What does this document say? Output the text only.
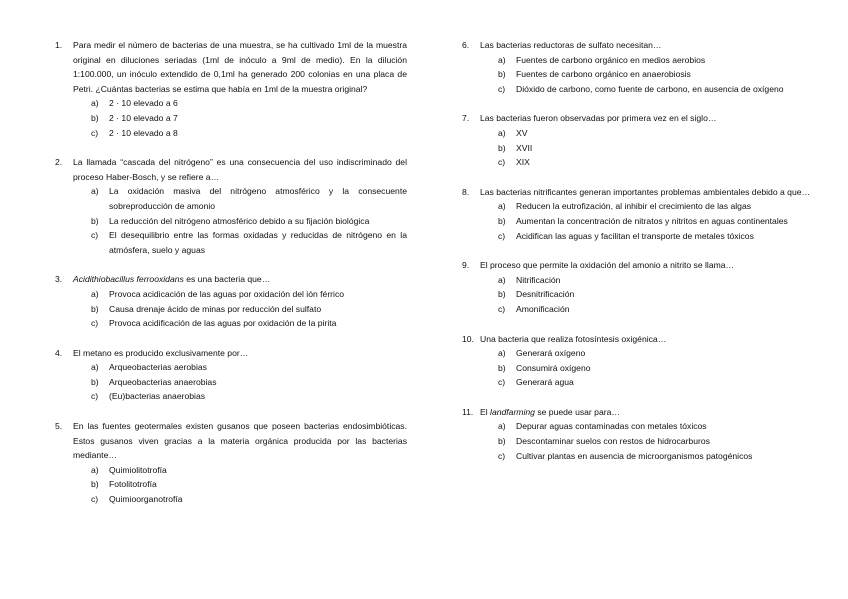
1. Para medir el número de bacterias de una muestra, se ha cultivado 1ml de la muestra original en diluciones seriadas (1ml de inóculo a 9ml de medio). En la dilución 1:100.000, un inóculo extendido de 0,1ml ha generado 200 colonias en una placa de Petri. ¿Cuántas bacterias se estima que había en 1ml de la muestra original?
a) 2 · 10 elevado a 6
b) 2 · 10 elevado a 7
c) 2 · 10 elevado a 8
2. La llamada “cascada del nitrógeno” es una consecuencia del uso indiscriminado del proceso Haber-Bosch, y se refiere a…
a) La oxidación masiva del nitrógeno atmosférico y la consecuente sobreproducción de amonio
b) La reducción del nitrógeno atmosférico debido a su fijación biológica
c) El desequilibrio entre las formas oxidadas y reducidas de nitrógeno en la atmósfera, suelo y aguas
3. Acidithiobacillus ferrooxidans es una bacteria que…
a) Provoca acidicación de las aguas por oxidación del ión férrico
b) Causa drenaje ácido de minas por reducción del sulfato
c) Provoca acidificación de las aguas por oxidación de la pirita
4. El metano es producido exclusivamente por…
a) Arqueobacterias aerobias
b) Arqueobacterias anaerobias
c) (Eu)bacterias anaerobias
5. En las fuentes geotermales existen gusanos que poseen bacterias endosimbióticas. Estos gusanos viven gracias a la materia orgánica producida por las bacterias mediante…
a) Quimiolitotrofía
b) Fotolitotrofía
c) Quimioorganotrofía
6. Las bacterias reductoras de sulfato necesitan…
a) Fuentes de carbono orgánico en medios aerobios
b) Fuentes de carbono orgánico en anaerobiosis
c) Dióxido de carbono, como fuente de carbono, en ausencia de oxígeno
7. Las bacterias fueron observadas por primera vez en el siglo…
a) XV
b) XVII
c) XIX
8. Las bacterias nitrificantes generan importantes problemas ambientales debido a que…
a) Reducen la eutrofización, al inhibir el crecimiento de las algas
b) Aumentan la concentración de nitratos y nitritos en aguas continentales
c) Acidifican las aguas y facilitan el transporte de metales tóxicos
9. El proceso que permite la oxidación del amonio a nitrito se llama…
a) Nitrificación
b) Desnitrificación
c) Amonificación
10. Una bacteria que realiza fotosíntesis oxigénica…
a) Generará oxígeno
b) Consumirá oxígeno
c) Generará agua
11. El landfarming se puede usar para…
a) Depurar aguas contaminadas con metales tóxicos
b) Descontaminar suelos con restos de hidrocarburos
c) Cultivar plantas en ausencia de microorganismos patogénicos
